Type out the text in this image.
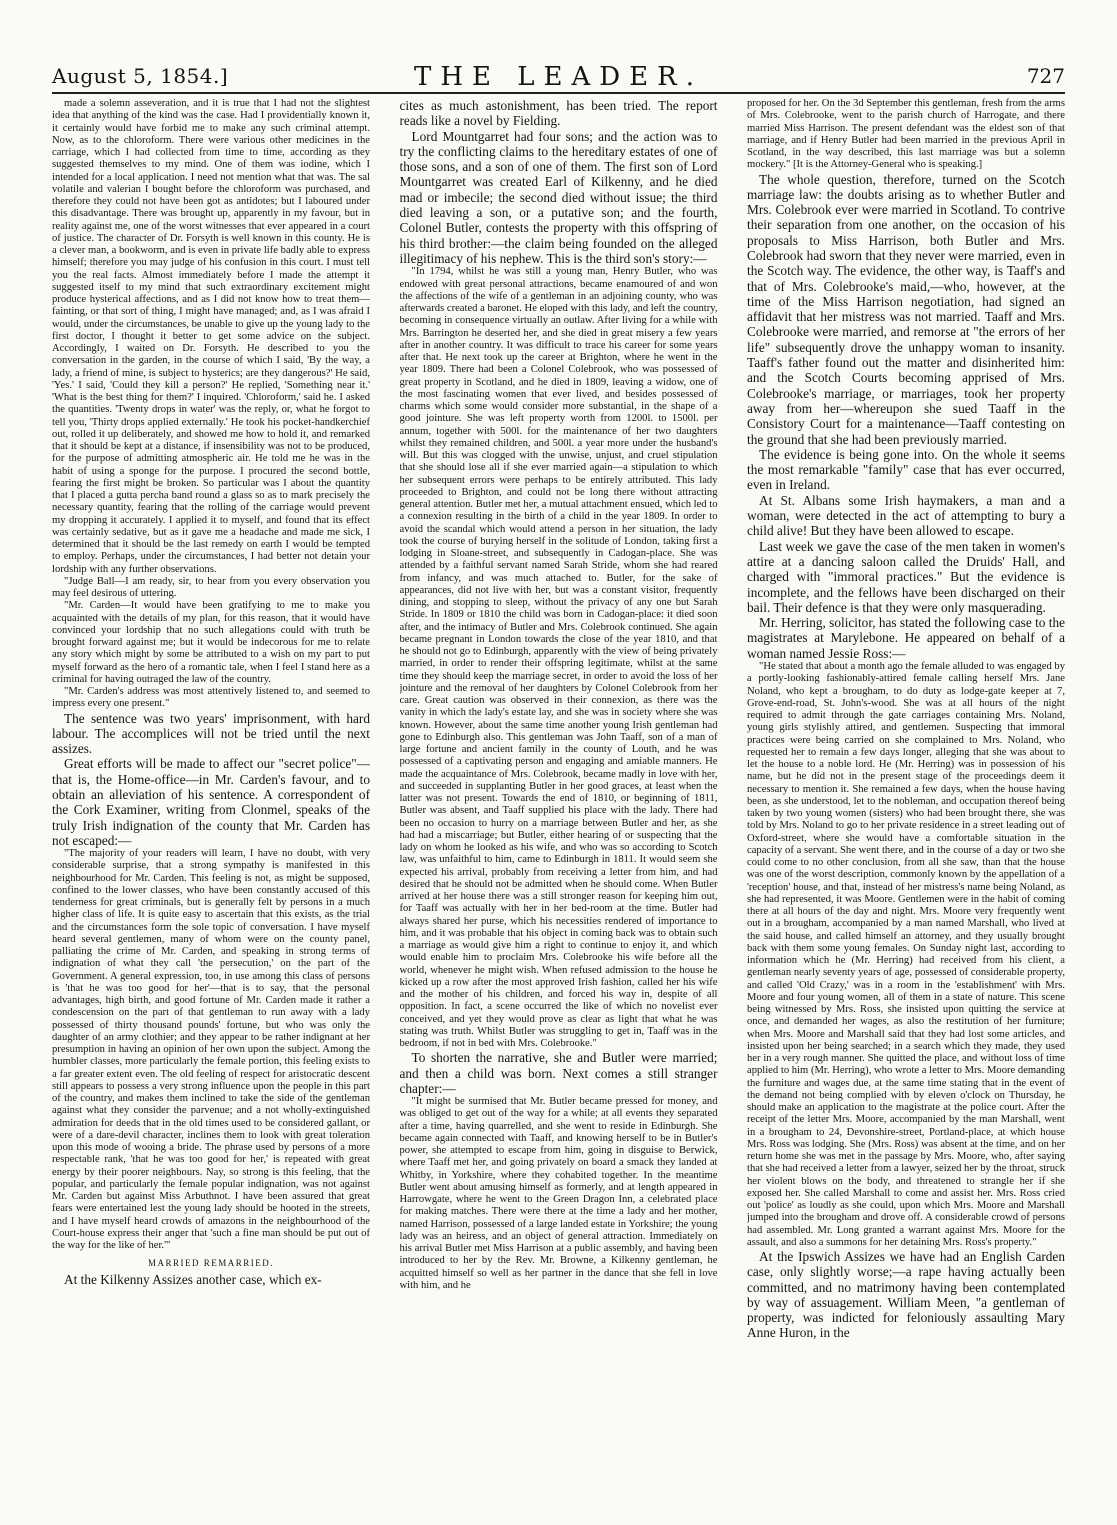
August 5, 1854.]	THE LEADER.	727

made a solemn asseveration, and it is true that I had not the slightest idea that anything of the kind was the case. Had I providentially known it, it certainly would have forbid me to make any such criminal attempt. Now, as to the chloroform. There were various other medicines in the carriage, which I had collected from time to time, according as they suggested themselves to my mind. One of them was iodine, which I intended for a local application. I need not mention what that was. The sal volatile and valerian I bought before the chloroform was purchased, and therefore they could not have been got as antidotes; but I laboured under this disadvantage. There was brought up, apparently in my favour, but in reality against me, one of the worst witnesses that ever appeared in a court of justice. The character of Dr. Forsyth is well known in this county. He is a clever man, a bookworm, and is even in private life badly able to express himself; therefore you may judge of his confusion in this court. I must tell you the real facts. Almost immediately before I made the attempt it suggested itself to my mind that such extraordinary excitement might produce hysterical affections, and as I did not know how to treat them—fainting, or that sort of thing, I might have managed; and, as I was afraid I would, under the circumstances, be unable to give up the young lady to the first doctor, I thought it better to get some advice on the subject. Accordingly, I waited on Dr. Forsyth. He described to you the conversation in the garden, in the course of which I said, 'By the way, a lady, a friend of mine, is subject to hysterics; are they dangerous?' He said, 'Yes.' I said, 'Could they kill a person?' He replied, 'Something near it.' 'What is the best thing for them?' I inquired. 'Chloroform,' said he. I asked the quantities. 'Twenty drops in water' was the reply, or, what he forgot to tell you, 'Thirty drops applied externally.' He took his pocket-handkerchief out, rolled it up deliberately, and showed me how to hold it, and remarked that it should be kept at a distance, if insensibility was not to be produced, for the purpose of admitting atmospheric air. He told me he was in the habit of using a sponge for the purpose. I procured the second bottle, fearing the first might be broken. So particular was I about the quantity that I placed a gutta percha band round a glass so as to mark precisely the necessary quantity, fearing that the rolling of the carriage would prevent my dropping it accurately. I applied it to myself, and found that its effect was certainly sedative, but as it gave me a headache and made me sick, I determined that it should be the last remedy on earth I would be tempted to employ. Perhaps, under the circumstances, I had better not detain your lordship with any further observations.

"Judge Ball—I am ready, sir, to hear from you every observation you may feel desirous of uttering.

"Mr. Carden—It would have been gratifying to me to make you acquainted with the details of my plan, for this reason, that it would have convinced your lordship that no such allegations could with truth be brought forward against me; but it would be indecorous for me to relate any story which might by some be attributed to a wish on my part to put myself forward as the hero of a romantic tale, when I feel I stand here as a criminal for having outraged the law of the country.

"Mr. Carden's address was most attentively listened to, and seemed to impress every one present."

The sentence was two years' imprisonment, with hard labour. The accomplices will not be tried until the next assizes.

Great efforts will be made to affect our "secret police"—that is, the Home-office—in Mr. Carden's favour, and to obtain an alleviation of his sentence. A correspondent of the Cork Examiner, writing from Clonmel, speaks of the truly Irish indignation of the county that Mr. Carden has not escaped:—

"The majority of your readers will learn, I have no doubt, with very considerable surprise, that a strong sympathy is manifested in this neighbourhood for Mr. Carden. This feeling is not, as might be supposed, confined to the lower classes, who have been constantly accused of this tenderness for great criminals, but is generally felt by persons in a much higher class of life. It is quite easy to ascertain that this exists, as the trial and the circumstances form the sole topic of conversation. I have myself heard several gentlemen, many of whom were on the county panel, palliating the crime of Mr. Carden, and speaking in strong terms of indignation of what they call 'the persecution,' on the part of the Government. A general expression, too, in use among this class of persons is 'that he was too good for her'—that is to say, that the personal advantages, high birth, and good fortune of Mr. Carden made it rather a condescension on the part of that gentleman to run away with a lady possessed of thirty thousand pounds' fortune, but who was only the daughter of an army clothier; and they appear to be rather indignant at her presumption in having an opinion of her own upon the subject. Among the humbler classes, more particularly the female portion, this feeling exists to a far greater extent even. The old feeling of respect for aristocratic descent still appears to possess a very strong influence upon the people in this part of the country, and makes them inclined to take the side of the gentleman against what they consider the parvenue; and a not wholly-extinguished admiration for deeds that in the old times used to be considered gallant, or were of a dare-devil character, inclines them to look with great toleration upon this mode of wooing a bride. The phrase used by persons of a more respectable rank, 'that he was too good for her,' is repeated with great energy by their poorer neighbours. Nay, so strong is this feeling, that the popular, and particularly the female popular indignation, was not against Mr. Carden but against Miss Arbuthnot. I have been assured that great fears were entertained lest the young lady should be hooted in the streets, and I have myself heard crowds of amazons in the neighbourhood of the Court-house express their anger that 'such a fine man should be put out of the way for the like of her.'"

MARRIED REMARRIED.

At the Kilkenny Assizes another case, which ex-

cites as much astonishment, has been tried. The report reads like a novel by Fielding.

Lord Mountgarret had four sons; and the action was to try the conflicting claims to the hereditary estates of one of those sons, and a son of one of them. The first son of Lord Mountgarret was created Earl of Kilkenny, and he died mad or imbecile; the second died without issue; the third died leaving a son, or a putative son; and the fourth, Colonel Butler, contests the property with this offspring of his third brother:—the claim being founded on the alleged illegitimacy of his nephew. This is the third son's story:—

"In 1794, whilst he was still a young man, Henry Butler, who was endowed with great personal attractions, became enamoured of and won the affections of the wife of a gentleman in an adjoining county, who was afterwards created a baronet. He eloped with this lady, and left the country, becoming in consequence virtually an outlaw. After living for a while with Mrs. Barrington he deserted her, and she died in great misery a few years after in another country. It was difficult to trace his career for some years after that. He next took up the career at Brighton, where he went in the year 1809. There had been a Colonel Colebrook, who was possessed of great property in Scotland, and he died in 1809, leaving a widow, one of the most fascinating women that ever lived, and besides possessed of charms which some would consider more substantial, in the shape of a good jointure. She was left property worth from 1200l. to 1500l. per annum, together with 500l. for the maintenance of her two daughters whilst they remained children, and 500l. a year more under the husband's will. But this was clogged with the unwise, unjust, and cruel stipulation that she should lose all if she ever married again—a stipulation to which her subsequent errors were perhaps to be entirely attributed. This lady proceeded to Brighton, and could not be long there without attracting general attention. Butler met her, a mutual attachment ensued, which led to a connexion resulting in the birth of a child in the year 1809. In order to avoid the scandal which would attend a person in her situation, the lady took the course of burying herself in the solitude of London, taking first a lodging in Sloane-street, and subsequently in Cadogan-place. She was attended by a faithful servant named Sarah Stride, whom she had reared from infancy, and was much attached to. Butler, for the sake of appearances, did not live with her, but was a constant visitor, frequently dining, and stopping to sleep, without the privacy of any one but Sarah Stride. In 1809 or 1810 the child was born in Cadogan-place: it died soon after, and the intimacy of Butler and Mrs. Colebrook continued. She again became pregnant in London towards the close of the year 1810, and that he should not go to Edinburgh, apparently with the view of being privately married, in order to render their offspring legitimate, whilst at the same time they should keep the marriage secret, in order to avoid the loss of her jointure and the removal of her daughters by Colonel Colebrook from her care. Great caution was observed in their connexion, as there was the vanity in which the lady's estate lay, and she was in society where she was known. However, about the same time another young Irish gentleman had gone to Edinburgh also. This gentleman was John Taaff, son of a man of large fortune and ancient family in the county of Louth, and he was possessed of a captivating person and engaging and amiable manners. He made the acquaintance of Mrs. Colebrook, became madly in love with her, and succeeded in supplanting Butler in her good graces, at least when the latter was not present. Towards the end of 1810, or beginning of 1811, Butler was absent, and Taaff supplied his place with the lady. There had been no occasion to hurry on a marriage between Butler and her, as she had had a miscarriage; but Butler, either hearing of or suspecting that the lady on whom he looked as his wife, and who was so according to Scotch law, was unfaithful to him, came to Edinburgh in 1811. It would seem she expected his arrival, probably from receiving a letter from him, and had desired that he should not be admitted when he should come. When Butler arrived at her house there was a still stronger reason for keeping him out, for Taaff was actually with her in her bed-room at the time. Butler had always shared her purse, which his necessities rendered of importance to him, and it was probable that his object in coming back was to obtain such a marriage as would give him a right to continue to enjoy it, and which would enable him to proclaim Mrs. Colebrooke his wife before all the world, whenever he might wish. When refused admission to the house he kicked up a row after the most approved Irish fashion, called her his wife and the mother of his children, and forced his way in, despite of all opposition. In fact, a scene occurred the like of which no novelist ever conceived, and yet they would prove as clear as light that what he was stating was truth. Whilst Butler was struggling to get in, Taaff was in the bedroom, if not in bed with Mrs. Colebrooke."

To shorten the narrative, she and Butler were married; and then a child was born. Next comes a still stranger chapter:—

"It might be surmised that Mr. Butler became pressed for money, and was obliged to get out of the way for a while; at all events they separated after a time, having quarrelled, and she went to reside in Edinburgh. She became again connected with Taaff, and knowing herself to be in Butler's power, she attempted to escape from him, going in disguise to Berwick, where Taaff met her, and going privately on board a smack they landed at Whitby, in Yorkshire, where they cohabited together. In the meantime Butler went about amusing himself as formerly, and at length appeared in Harrowgate, where he went to the Green Dragon Inn, a celebrated place for making matches. There were there at the time a lady and her mother, named Harrison, possessed of a large landed estate in Yorkshire; the young lady was an heiress, and an object of general attraction. Immediately on his arrival Butler met Miss Harrison at a public assembly, and having been introduced to her by the Rev. Mr. Browne, a Kilkenny gentleman, he acquitted himself so well as her partner in the dance that she fell in love with him, and he

proposed for her. On the 3d September this gentleman, fresh from the arms of Mrs. Colebrooke, went to the parish church of Harrogate, and there married Miss Harrison. The present defendant was the eldest son of that marriage, and if Henry Butler had been married in the previous April in Scotland, in the way described, this last marriage was but a solemn mockery." [It is the Attorney-General who is speaking.]

The whole question, therefore, turned on the Scotch marriage law: the doubts arising as to whether Butler and Mrs. Colebrook ever were married in Scotland. To contrive their separation from one another, on the occasion of his proposals to Miss Harrison, both Butler and Mrs. Colebrook had sworn that they never were married, even in the Scotch way. The evidence, the other way, is Taaff's and that of Mrs. Colebrooke's maid,—who, however, at the time of the Miss Harrison negotiation, had signed an affidavit that her mistress was not married. Taaff and Mrs. Colebrooke were married, and remorse at "the errors of her life" subsequently drove the unhappy woman to insanity. Taaff's father found out the matter and disinherited him: and the Scotch Courts becoming apprised of Mrs. Colebrooke's marriage, or marriages, took her property away from her—whereupon she sued Taaff in the Consistory Court for a maintenance—Taaff contesting on the ground that she had been previously married.

The evidence is being gone into. On the whole it seems the most remarkable "family" case that has ever occurred, even in Ireland.

At St. Albans some Irish haymakers, a man and a woman, were detected in the act of attempting to bury a child alive! But they have been allowed to escape.

Last week we gave the case of the men taken in women's attire at a dancing saloon called the Druids' Hall, and charged with "immoral practices." But the evidence is incomplete, and the fellows have been discharged on their bail. Their defence is that they were only masquerading.

Mr. Herring, solicitor, has stated the following case to the magistrates at Marylebone. He appeared on behalf of a woman named Jessie Ross:—

"He stated that about a month ago the female alluded to was engaged by a portly-looking fashionably-attired female calling herself Mrs. Jane Noland, who kept a brougham, to do duty as lodge-gate keeper at 7, Grove-end-road, St. John's-wood. She was at all hours of the night required to admit through the gate carriages containing Mrs. Noland, young girls stylishly attired, and gentlemen. Suspecting that immoral practices were being carried on she complained to Mrs. Noland, who requested her to remain a few days longer, alleging that she was about to let the house to a noble lord. He (Mr. Herring) was in possession of his name, but he did not in the present stage of the proceedings deem it necessary to mention it. She remained a few days, when the house having been, as she understood, let to the nobleman, and occupation thereof being taken by two young women (sisters) who had been brought there, she was told by Mrs. Noland to go to her private residence in a street leading out of Oxford-street, where she would have a comfortable situation in the capacity of a servant. She went there, and in the course of a day or two she could come to no other conclusion, from all she saw, than that the house was one of the worst description, commonly known by the appellation of a 'reception' house, and that, instead of her mistress's name being Noland, as she had represented, it was Moore. Gentlemen were in the habit of coming there at all hours of the day and night. Mrs. Moore very frequently went out in a brougham, accompanied by a man named Marshall, who lived at the said house, and called himself an attorney, and they usually brought back with them some young females. On Sunday night last, according to information which he (Mr. Herring) had received from his client, a gentleman nearly seventy years of age, possessed of considerable property, and called 'Old Crazy,' was in a room in the 'establishment' with Mrs. Moore and four young women, all of them in a state of nature. This scene being witnessed by Mrs. Ross, she insisted upon quitting the service at once, and demanded her wages, as also the restitution of her furniture; when Mrs. Moore and Marshall said that they had lost some articles, and insisted upon her being searched; in a search which they made, they used her in a very rough manner. She quitted the place, and without loss of time applied to him (Mr. Herring), who wrote a letter to Mrs. Moore demanding the furniture and wages due, at the same time stating that in the event of the demand not being complied with by eleven o'clock on Thursday, he should make an application to the magistrate at the police court. After the receipt of the letter Mrs. Moore, accompanied by the man Marshall, went in a brougham to 24, Devonshire-street, Portland-place, at which house Mrs. Ross was lodging. She (Mrs. Ross) was absent at the time, and on her return home she was met in the passage by Mrs. Moore, who, after saying that she had received a letter from a lawyer, seized her by the throat, struck her violent blows on the body, and threatened to strangle her if she exposed her. She called Marshall to come and assist her. Mrs. Ross cried out 'police' as loudly as she could, upon which Mrs. Moore and Marshall jumped into the brougham and drove off. A considerable crowd of persons had assembled. Mr. Long granted a warrant against Mrs. Moore for the assault, and also a summons for her detaining Mrs. Ross's property."

At the Ipswich Assizes we have had an English Carden case, only slightly worse;—a rape having actually been committed, and no matrimony having been contemplated by way of assuagement. William Meen, "a gentleman of property, was indicted for feloniously assaulting Mary Anne Huron, in the
